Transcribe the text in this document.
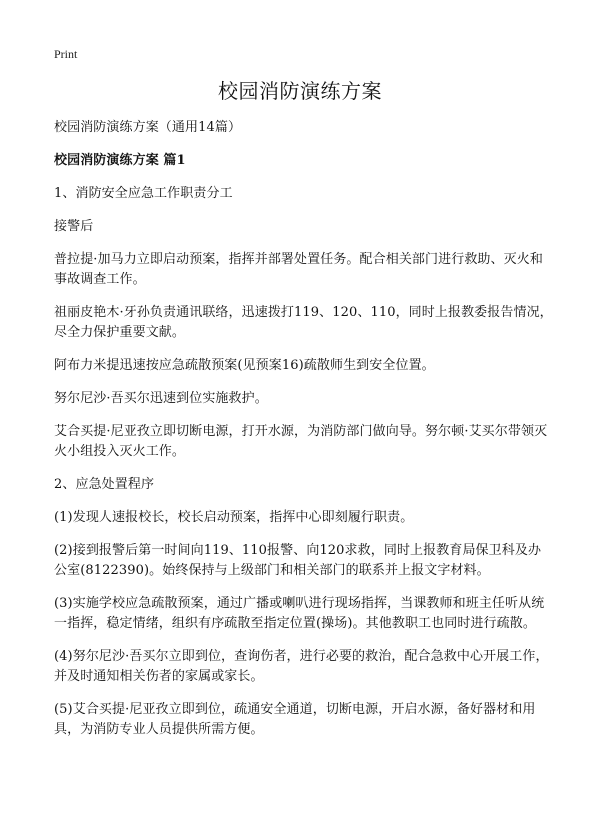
Print
校园消防演练方案

校园消防演练方案（通用14篇）

校园消防演练方案 篇1

1、消防安全应急工作职责分工

接警后

普拉提·加马力立即启动预案，指挥并部署处置任务。配合相关部门进行救助、灭火和事故调查工作。

祖丽皮艳木·牙孙负责通讯联络，迅速拨打119、120、110，同时上报教委报告情况，尽全力保护重要文献。

阿布力米提迅速按应急疏散预案(见预案16)疏散师生到安全位置。

努尔尼沙·吾买尔迅速到位实施救护。

艾合买提·尼亚孜立即切断电源，打开水源，为消防部门做向导。努尔顿·艾买尔带领灭火小组投入灭火工作。

2、应急处置程序

(1)发现人速报校长，校长启动预案，指挥中心即刻履行职责。

(2)接到报警后第一时间向119、110报警、向120求救，同时上报教育局保卫科及办公室(8122390)。始终保持与上级部门和相关部门的联系并上报文字材料。

(3)实施学校应急疏散预案，通过广播或喇叭进行现场指挥，当课教师和班主任听从统一指挥，稳定情绪，组织有序疏散至指定位置(操场)。其他教职工也同时进行疏散。

(4)努尔尼沙·吾买尔立即到位，查询伤者，进行必要的救治，配合急救中心开展工作，并及时通知相关伤者的家属或家长。

(5)艾合买提·尼亚孜立即到位，疏通安全通道，切断电源，开启水源，备好器材和用具，为消防专业人员提供所需方便。
